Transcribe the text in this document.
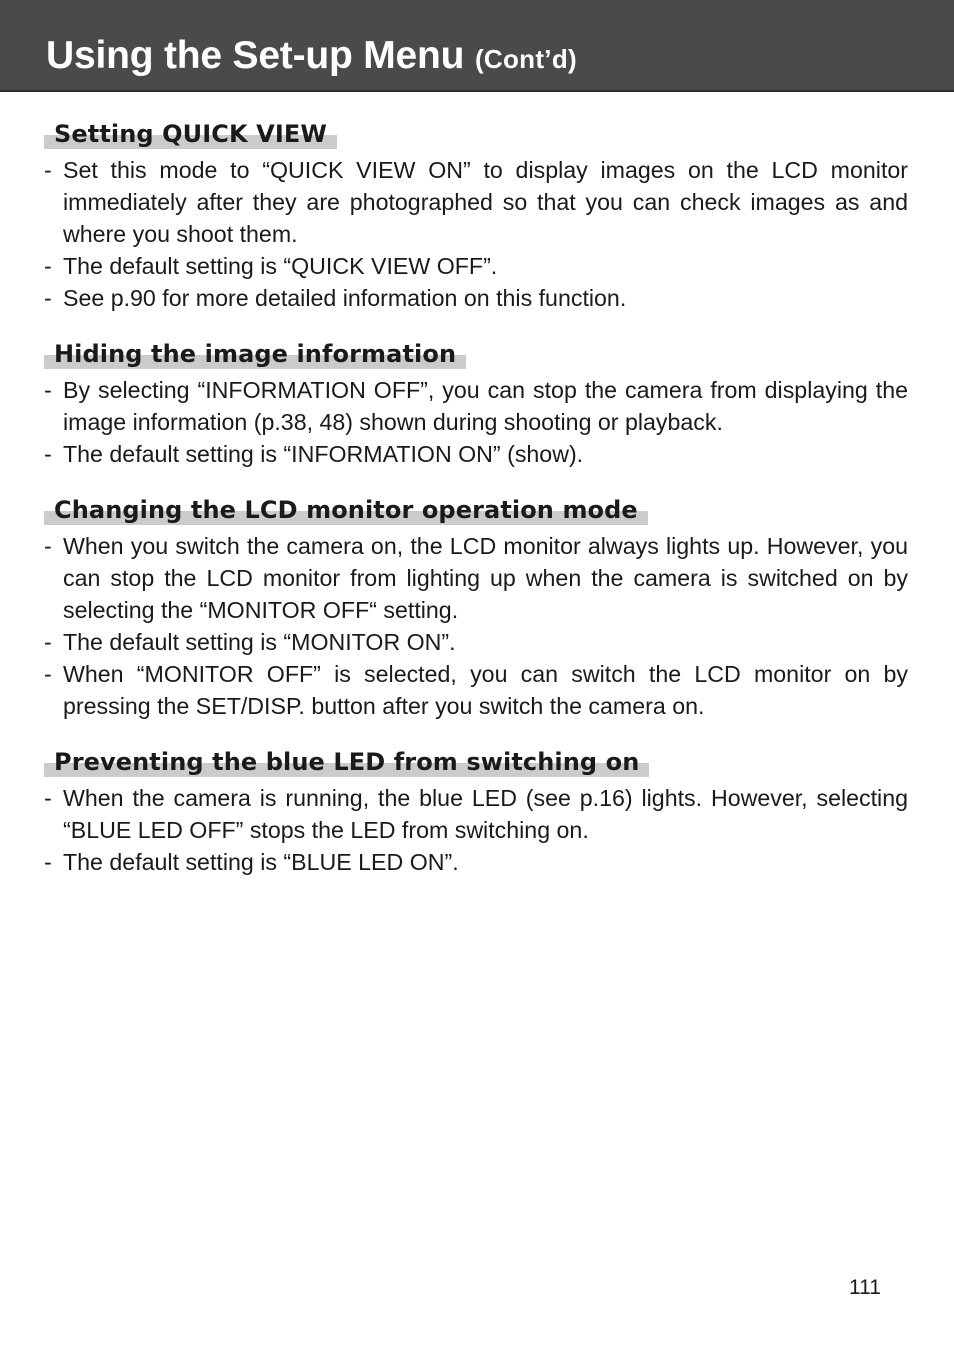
Using the Set-up Menu (Cont’d)
Setting QUICK VIEW
- Set this mode to “QUICK VIEW ON” to display images on the LCD monitor immediately after they are photographed so that you can check images as and where you shoot them.
- The default setting is “QUICK VIEW OFF”.
- See p.90 for more detailed information on this function.
Hiding the image information
- By selecting “INFORMATION OFF”, you can stop the camera from displaying the image information (p.38, 48) shown during shooting or playback.
- The default setting is “INFORMATION ON” (show).
Changing the LCD monitor operation mode
- When you switch the camera on, the LCD monitor always lights up. However, you can stop the LCD monitor from lighting up when the camera is switched on by selecting the “MONITOR OFF“ setting.
- The default setting is “MONITOR ON”.
- When “MONITOR OFF” is selected, you can switch the LCD monitor on by pressing the SET/DISP. button after you switch the camera on.
Preventing the blue LED from switching on
- When the camera is running, the blue LED (see p.16) lights. However, selecting “BLUE LED OFF” stops the LED from switching on.
- The default setting is “BLUE LED ON”.
111
